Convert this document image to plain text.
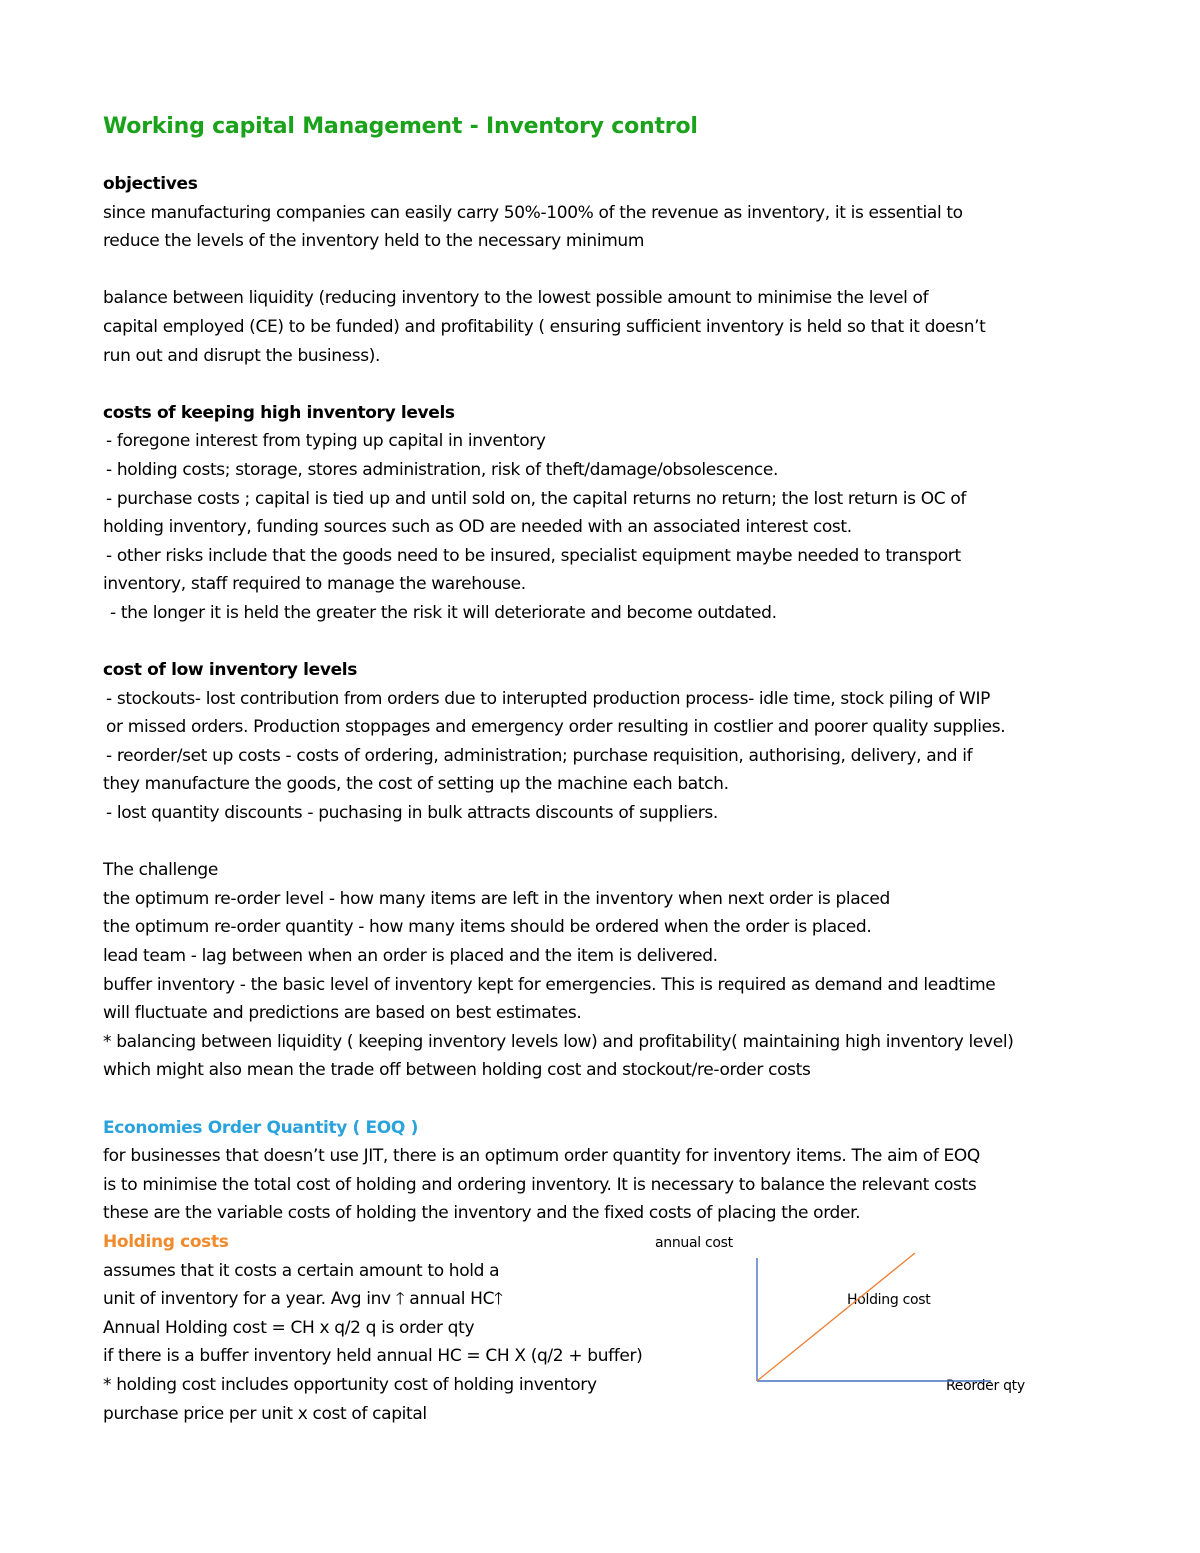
Working capital Management - Inventory control
objectives
since manufacturing companies can easily carry 50%-100% of the revenue as inventory, it is essential to
reduce the levels of the inventory held to the necessary minimum
balance between liquidity (reducing inventory to the lowest possible amount to minimise the level of
capital employed (CE) to be funded) and profitability ( ensuring sufficient inventory is held so that it doesn’t
run out and disrupt the business).
costs of keeping high inventory levels
- foregone interest from typing up capital in inventory
- holding costs; storage, stores administration, risk of theft/damage/obsolescence.
- purchase costs ; capital is tied up and until sold on, the capital returns no return; the lost return is OC of
holding inventory, funding sources such as OD are needed with an associated interest cost.
- other risks include that the goods need to be insured, specialist equipment maybe needed to transport
inventory, staff required to manage the warehouse.
- the longer it is held the greater the risk it will deteriorate and become outdated.
cost of low inventory levels
- stockouts- lost contribution from orders due to interupted production process- idle time, stock piling of WIP
or missed orders. Production stoppages and emergency order resulting in costlier and poorer quality supplies.
- reorder/set up costs - costs of ordering, administration; purchase requisition, authorising, delivery, and if
they manufacture the goods, the cost of setting up the machine each batch.
- lost quantity discounts - puchasing in bulk attracts discounts of suppliers.
The challenge
the optimum re-order level - how many items are left in the inventory when next order is placed
the optimum re-order quantity - how many items should be ordered when the order is placed.
lead team - lag between when an order is placed and the item is delivered.
buffer inventory - the basic level of inventory kept for emergencies. This is required as demand and leadtime
will fluctuate and predictions are based on best estimates.
* balancing between liquidity ( keeping inventory levels low) and profitability( maintaining high inventory level)
which might also mean the trade off between holding cost and stockout/re-order costs
Economies Order Quantity ( EOQ )
for businesses that doesn’t use JIT, there is an optimum order quantity for inventory items. The aim of EOQ
is to minimise the total cost of holding and ordering inventory. It is necessary to balance the relevant costs
these are the variable costs of holding the inventory and the fixed costs of placing the order.
Holding costs
assumes that it costs a certain amount to hold a
unit of inventory for a year. Avg inv 🡑 annual HC🡑
Annual Holding cost = CH x q/2 q is order qty
if there is a buffer inventory held annual HC = CH X (q/2 + buffer)
* holding cost includes opportunity cost of holding inventory
purchase price per unit x cost of capital
annual cost
Holding cost
Reorder qty
